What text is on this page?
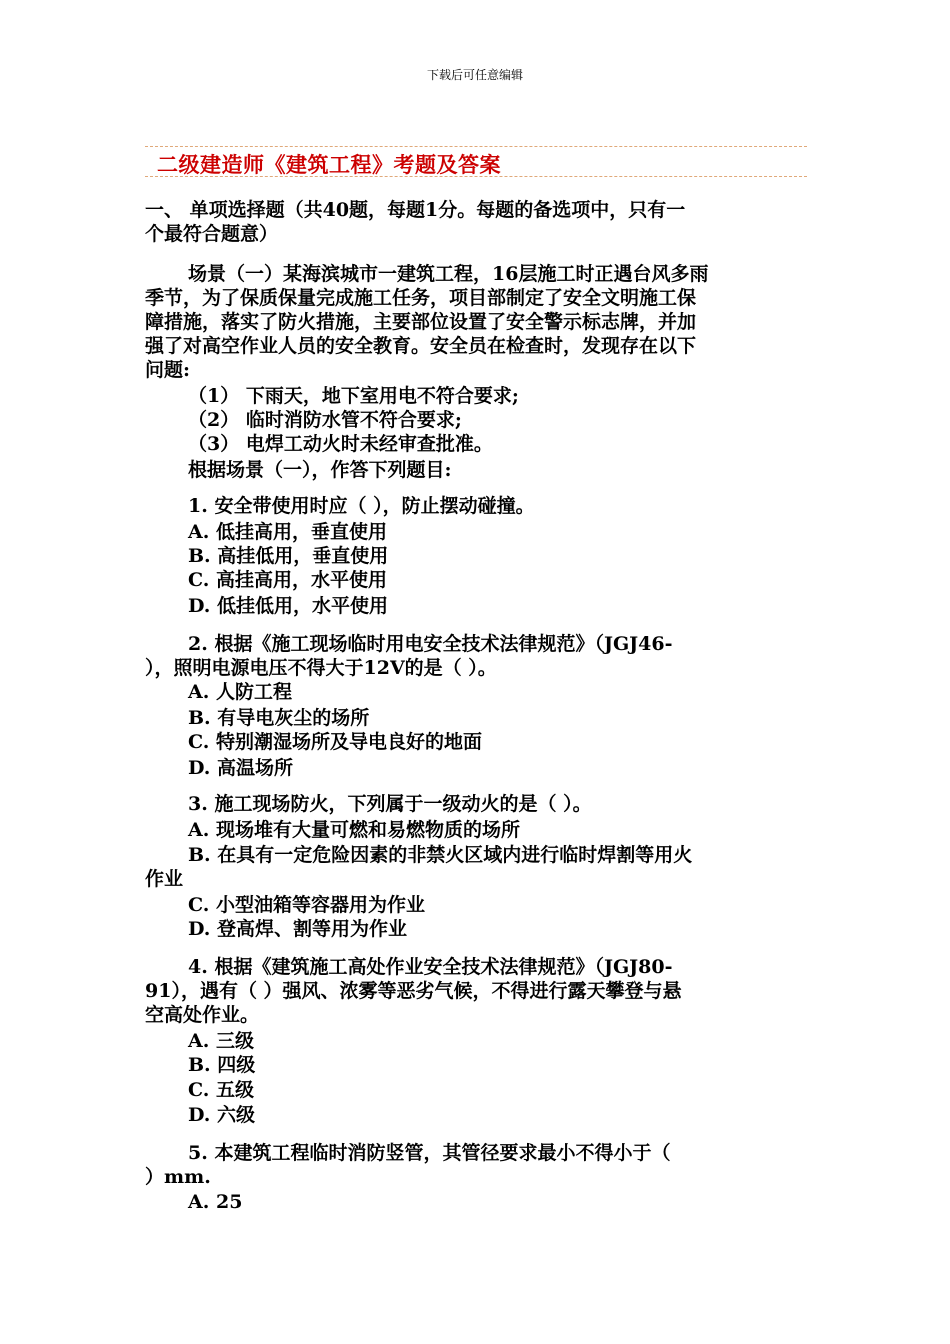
下载后可任意编辑
二级建造师《建筑工程》考题及答案
一、 单项选择题（共40题，每题1分。每题的备选项中，只有一
个最符合题意）
场景（一）某海滨城市一建筑工程，16层施工时正遇台风多雨
季节，为了保质保量完成施工任务，项目部制定了安全文明施工保
障措施，落实了防火措施，主要部位设置了安全警示标志牌，并加
强了对高空作业人员的安全教育。安全员在检查时，发现存在以下
问题:
（1） 下雨天，地下室用电不符合要求;
（2） 临时消防水管不符合要求;
（3） 电焊工动火时未经审查批准。
根据场景（一），作答下列题目:
1. 安全带使用时应（ ），防止摆动碰撞。
A. 低挂高用，垂直使用
B. 高挂低用，垂直使用
C. 高挂高用，水平使用
D. 低挂低用，水平使用
2. 根据《施工现场临时用电安全技术法律规范》（JGJ46-
），照明电源电压不得大于12V的是（ ）。
A. 人防工程
B. 有导电灰尘的场所
C. 特别潮湿场所及导电良好的地面
D. 高温场所
3. 施工现场防火，下列属于一级动火的是（ ）。
A. 现场堆有大量可燃和易燃物质的场所
B. 在具有一定危险因素的非禁火区域内进行临时焊割等用火
作业
C. 小型油箱等容器用为作业
D. 登高焊、割等用为作业
4. 根据《建筑施工高处作业安全技术法律规范》（JGJ80-
91），遇有（ ）强风、浓雾等恶劣气候，不得进行露天攀登与悬
空高处作业。
A. 三级
B. 四级
C. 五级
D. 六级
5. 本建筑工程临时消防竖管，其管径要求最小不得小于（
）mm.
A. 25
